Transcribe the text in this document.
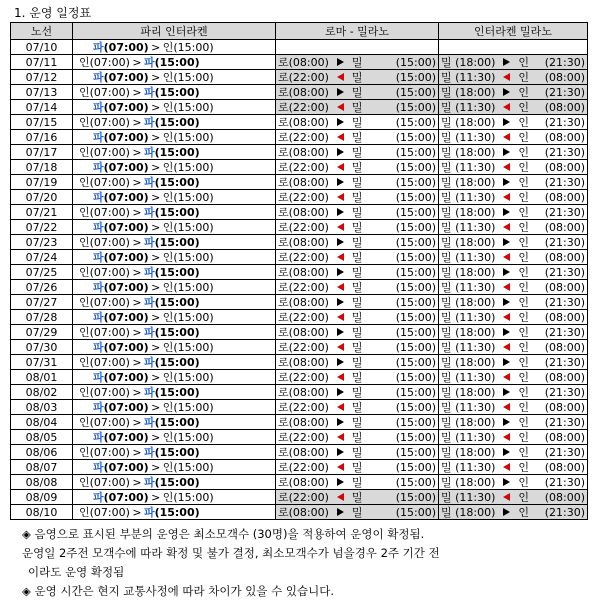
1. 운영 일정표
노선	파리 인터라켄	로마 - 밀라노	인터라켄 밀라노
07/10	파 (07:00) > 인 (15:00)		

07/11	인 (07:00) > 파 (15:00)	로(08:00) 밀 (15:00)	밀 (18:00) 인 (21:30)

07/12	파 (07:00) > 인 (15:00)	로(22:00) 밀 (15:00)	밀 (11:30) 인 (08:00)

07/13	인 (07:00) > 파 (15:00)	로(08:00) 밀 (15:00)	밀 (18:00) 인 (21:30)

07/14	파 (07:00) > 인 (15:00)	로(22:00) 밀 (15:00)	밀 (11:30) 인 (08:00)

07/15	인 (07:00) > 파 (15:00)	로(08:00) 밀 (15:00)	밀 (18:00) 인 (21:30)

07/16	파 (07:00) > 인 (15:00)	로(22:00) 밀 (15:00)	밀 (11:30) 인 (08:00)

07/17	인 (07:00) > 파 (15:00)	로(08:00) 밀 (15:00)	밀 (18:00) 인 (21:30)

07/18	파 (07:00) > 인 (15:00)	로(22:00) 밀 (15:00)	밀 (11:30) 인 (08:00)

07/19	인 (07:00) > 파 (15:00)	로(08:00) 밀 (15:00)	밀 (18:00) 인 (21:30)

07/20	파 (07:00) > 인 (15:00)	로(22:00) 밀 (15:00)	밀 (11:30) 인 (08:00)

07/21	인 (07:00) > 파 (15:00)	로(08:00) 밀 (15:00)	밀 (18:00) 인 (21:30)

07/22	파 (07:00) > 인 (15:00)	로(22:00) 밀 (15:00)	밀 (11:30) 인 (08:00)

07/23	인 (07:00) > 파 (15:00)	로(08:00) 밀 (15:00)	밀 (18:00) 인 (21:30)

07/24	파 (07:00) > 인 (15:00)	로(22:00) 밀 (15:00)	밀 (11:30) 인 (08:00)

07/25	인 (07:00) > 파 (15:00)	로(08:00) 밀 (15:00)	밀 (18:00) 인 (21:30)

07/26	파 (07:00) > 인 (15:00)	로(22:00) 밀 (15:00)	밀 (11:30) 인 (08:00)

07/27	인 (07:00) > 파 (15:00)	로(08:00) 밀 (15:00)	밀 (18:00) 인 (21:30)

07/28	파 (07:00) > 인 (15:00)	로(22:00) 밀 (15:00)	밀 (11:30) 인 (08:00)

07/29	인 (07:00) > 파 (15:00)	로(08:00) 밀 (15:00)	밀 (18:00) 인 (21:30)

07/30	파 (07:00) > 인 (15:00)	로(22:00) 밀 (15:00)	밀 (11:30) 인 (08:00)

07/31	인 (07:00) > 파 (15:00)	로(08:00) 밀 (15:00)	밀 (18:00) 인 (21:30)

08/01	파 (07:00) > 인 (15:00)	로(22:00) 밀 (15:00)	밀 (11:30) 인 (08:00)

08/02	인 (07:00) > 파 (15:00)	로(08:00) 밀 (15:00)	밀 (18:00) 인 (21:30)

08/03	파 (07:00) > 인 (15:00)	로(22:00) 밀 (15:00)	밀 (11:30) 인 (08:00)

08/04	인 (07:00) > 파 (15:00)	로(08:00) 밀 (15:00)	밀 (18:00) 인 (21:30)

08/05	파 (07:00) > 인 (15:00)	로(22:00) 밀 (15:00)	밀 (11:30) 인 (08:00)

08/06	인 (07:00) > 파 (15:00)	로(08:00) 밀 (15:00)	밀 (18:00) 인 (21:30)

08/07	파 (07:00) > 인 (15:00)	로(22:00) 밀 (15:00)	밀 (11:30) 인 (08:00)

08/08	인 (07:00) > 파 (15:00)	로(08:00) 밀 (15:00)	밀 (18:00) 인 (21:30)

08/09	파 (07:00) > 인 (15:00)	로(22:00) 밀 (15:00)	밀 (11:30) 인 (08:00)

08/10	인 (07:00) > 파 (15:00)	로(08:00) 밀 (15:00)	밀 (18:00) 인 (21:30)

◈ 음영으로 표시된 부분의 운영은 최소모객수 (30명)을 적용하여 운영이 확정됨.

운영일 2주전 모객수에 따라 확정 및 불가 결정, 최소모객수가 넘을경우 2주 기간 전

이라도 운영 확정됨

◈ 운영 시간은 현지 교통사정에 따라 차이가 있을 수 있습니다.
